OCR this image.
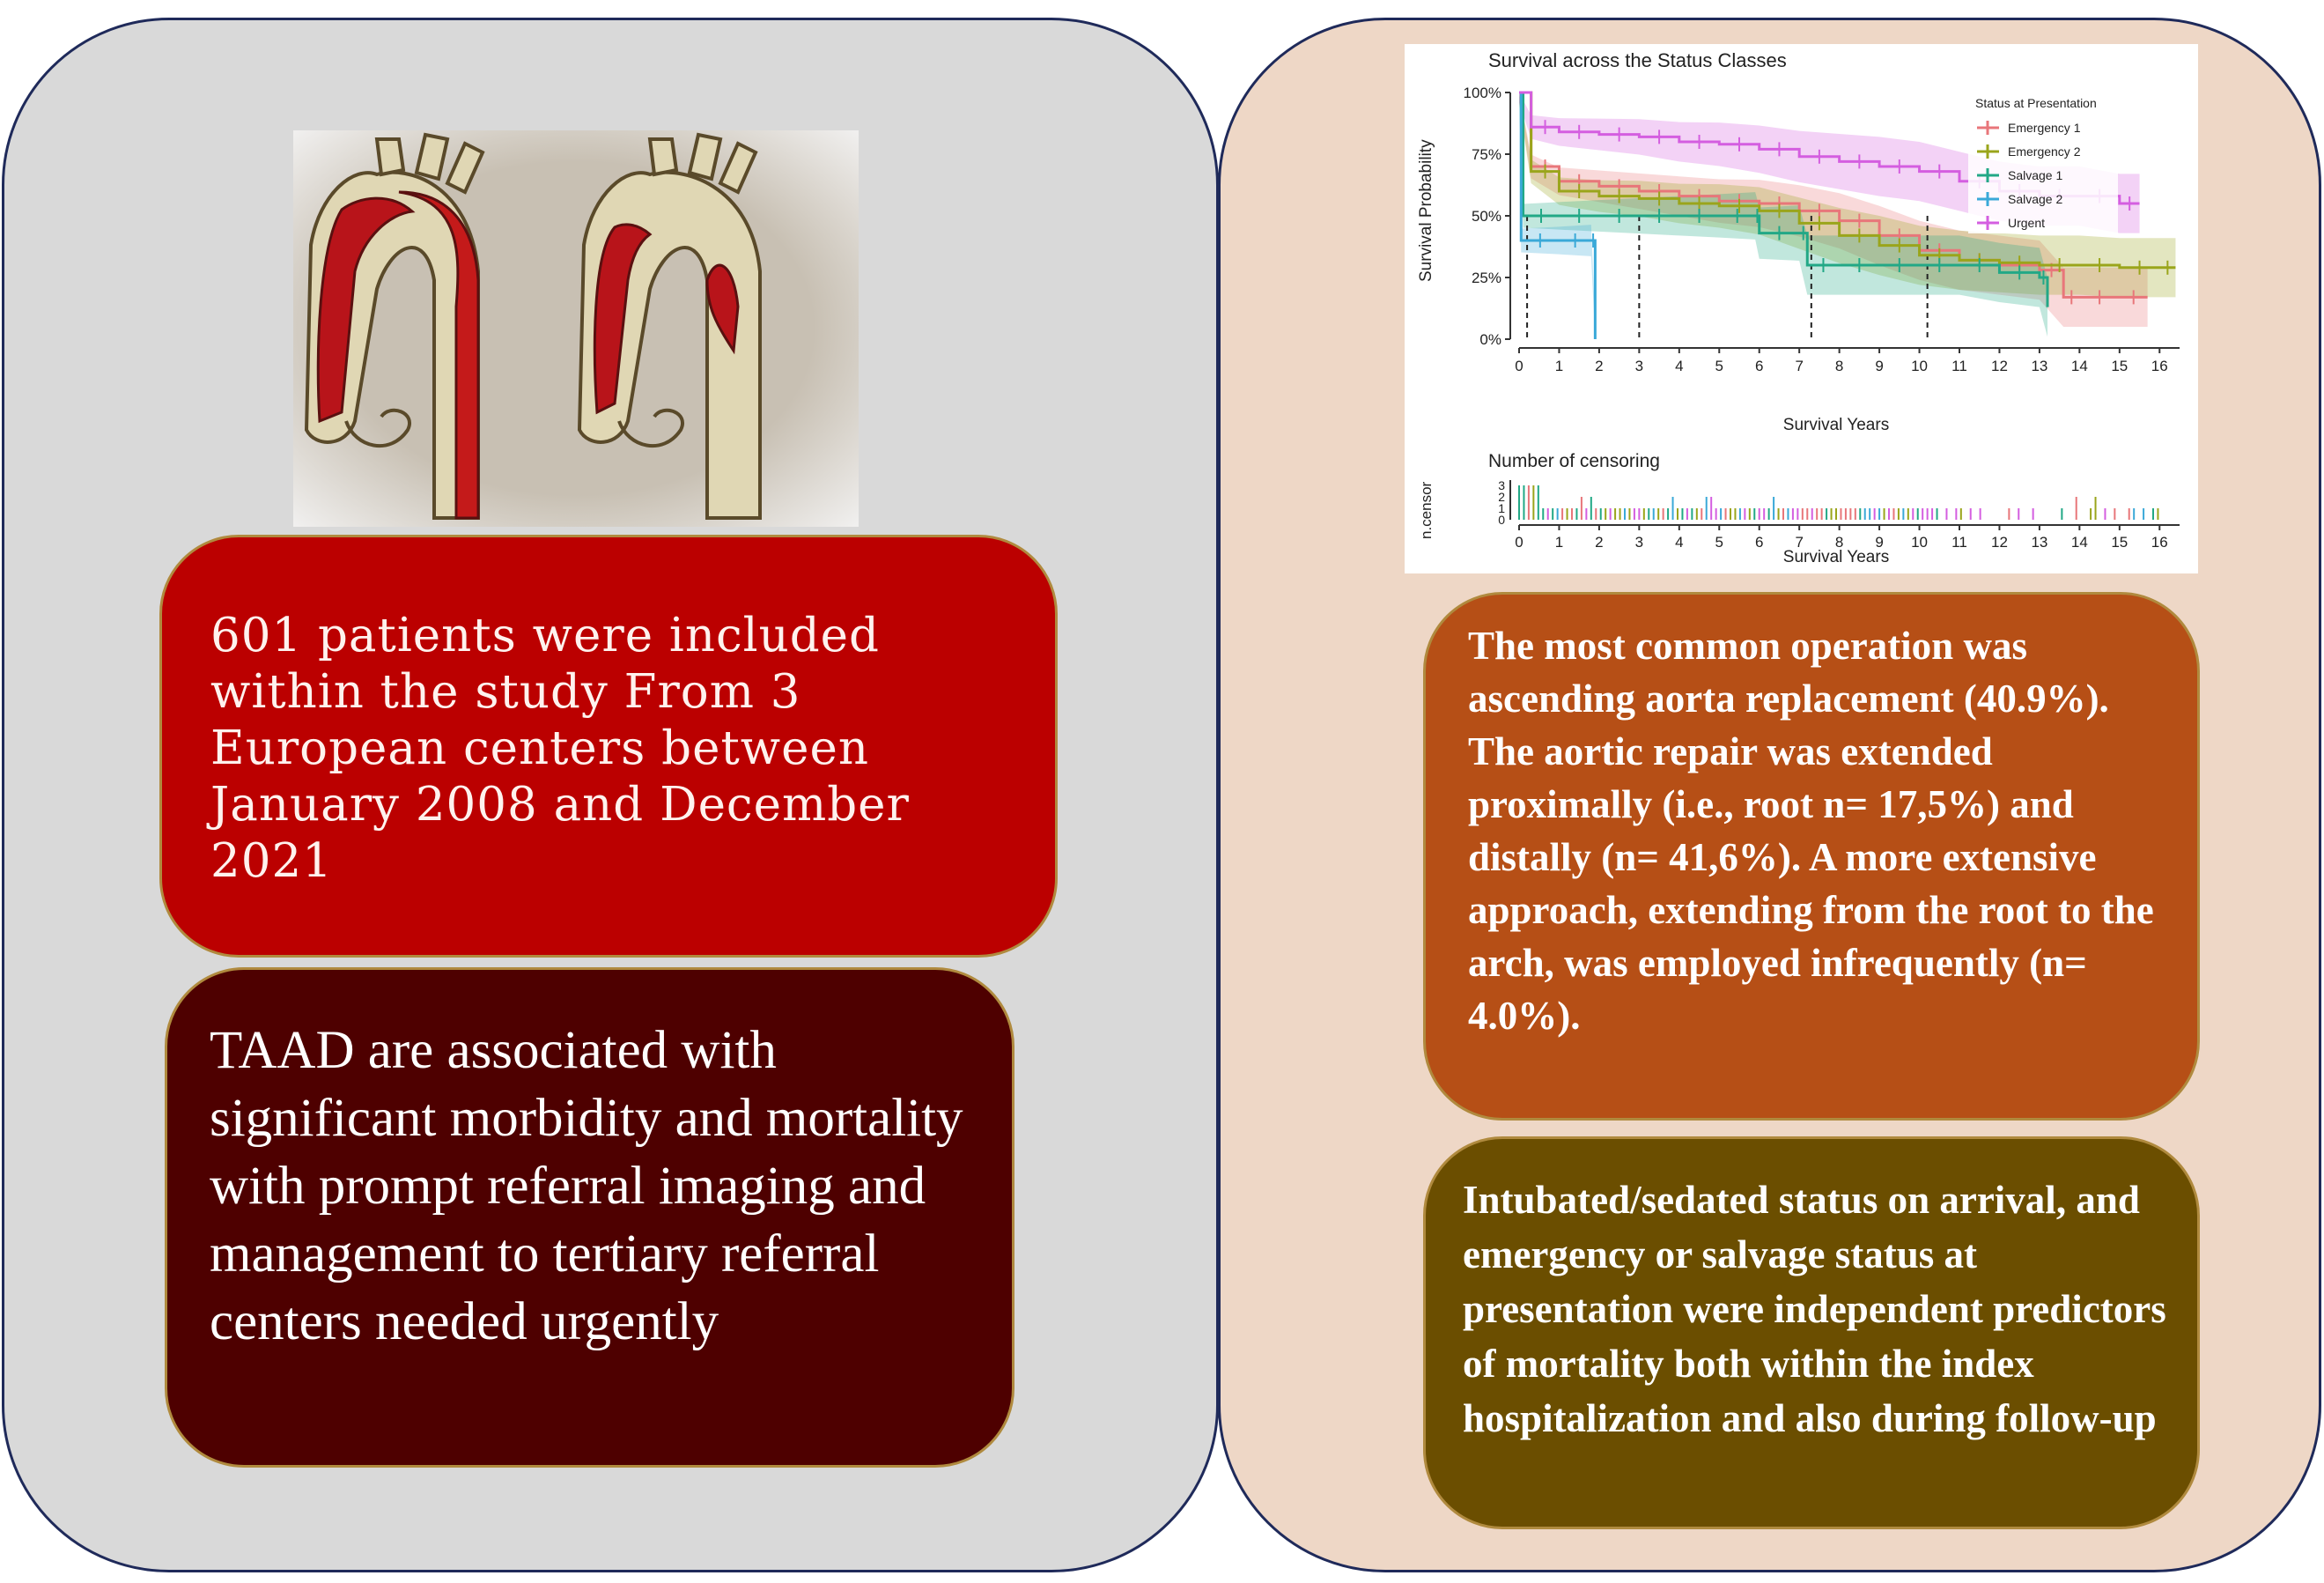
601 patients were included within the study From 3 European centers between January 2008 and December 2021

TAAD are associated with significant morbidity and mortality with prompt referral imaging and management to tertiary referral centers needed urgently

The most common operation was ascending aorta replacement (40.9%). The aortic repair was extended proximally (i.e., root n= 17,5%) and distally (n= 41,6%). A more extensive approach, extending from the root to the arch, was employed infrequently (n= 4.0%).

Intubated/sedated status on arrival, and emergency or salvage status at presentation were independent predictors of mortality both within the index hospitalization and also during follow-up

0%
25%
50%
75%
100%
0 1 2 3 4 5 6 7 8 9 10 11 12 13 14 15 16
0
1
2
3
0 1 2 3 4 5 6 7 8 9 10 11 12 13 14 15 16
Status at Presentation
Emergency 1
Emergency 2
Salvage 1
Salvage 2
Urgent
Survival across the Status Classes
Survival Probability
Survival Years
Number of censoring
n.censor
Survival Years
